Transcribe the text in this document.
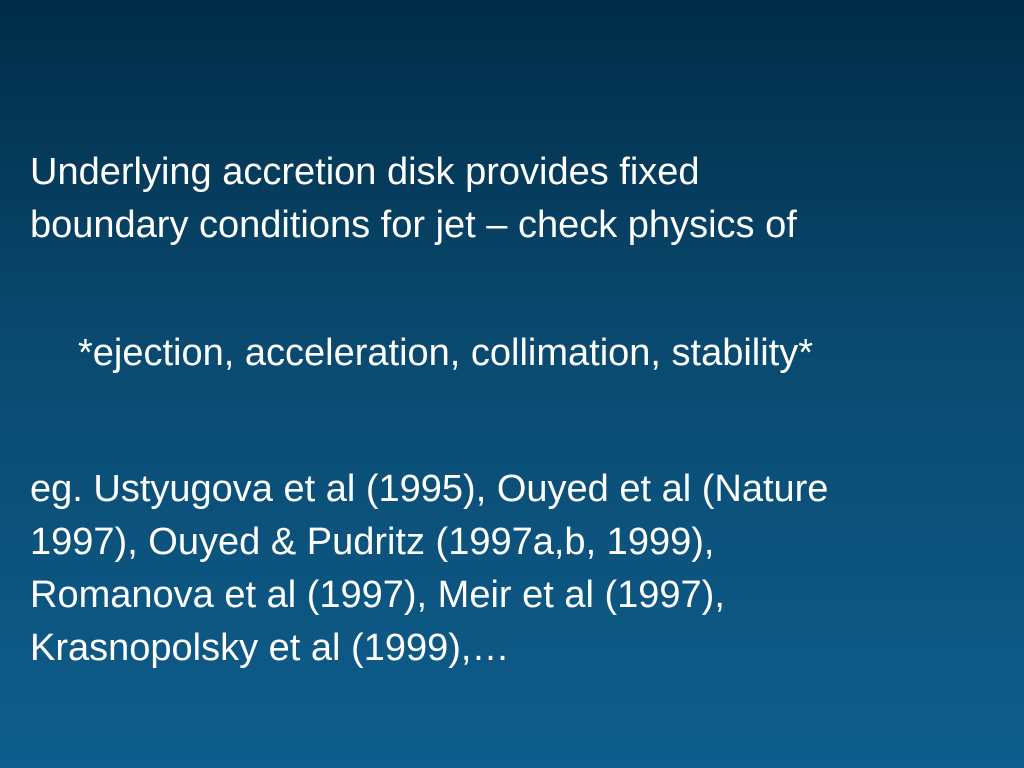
Underlying accretion disk provides fixed
boundary conditions for jet – check physics of

*ejection, acceleration, collimation, stability*

eg. Ustyugova et al (1995), Ouyed et al (Nature
1997), Ouyed & Pudritz (1997a,b, 1999),
Romanova et al (1997), Meir et al (1997),
Krasnopolsky et al (1999),…
